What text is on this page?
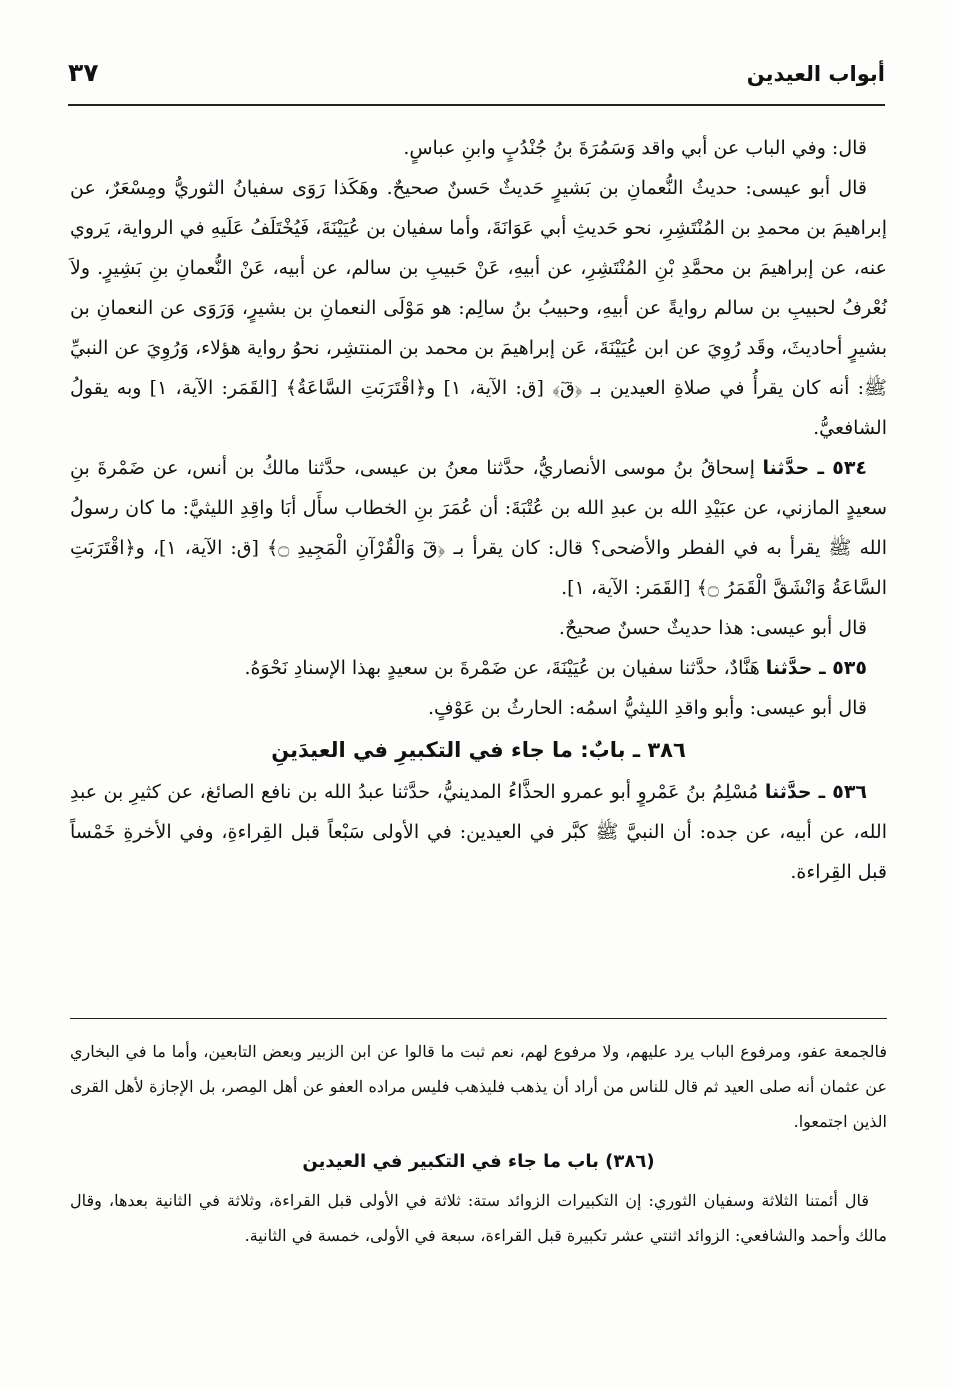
أبواب العيدين
٣٧

قال: وفي الباب عن أبي واقد وَسَمُرَةَ بنُ جُنْدُبٍ وابنِ عباسٍ.

قال أبو عيسى: حديثُ النُّعمانِ بن بَشيرٍ حَديثٌ حَسنٌ صحيحٌ. وهَكَذا رَوَى سفيانُ الثوريُّ ومِسْعَرٌ، عن إبراهيمَ بن محمدِ بن المُنْتَشِرِ، نحو حَديثِ أبي عَوَانَةَ، وأما سفيان بن عُيَيْنَةَ، فَيُخْتَلَفُ عَلَيهِ في الرواية، يَروي عنه، عن إبراهيمَ بن محمَّدِ بْنِ المُنْتَشِرِ، عن أبيهِ، عَنْ حَبيبِ بن سالم، عن أبيه، عَنْ النُّعمانِ بنِ بَشِيرٍ. ولاَ نُعْرفُ لحبيبِ بن سالم روايةً عن أبيهِ، وحبيبُ بنُ سالِم: هو مَوْلَى النعمانِ بن بشيرٍ، وَرَوَى عن النعمانِ بن بشيرٍ أحاديثَ، وقَد رُوِيَ عن ابن عُيَيْنَةَ، عَن إبراهيمَ بن محمد بن المنتشِر، نحوُ رواية هؤلاء، وَرُوِيَ عن النبيِّ ﷺ: أنه كان يقرأُ في صلاةِ العيدين بـ ﴿قٓ﴾ [ق: الآية، ١] و﴿اقْتَرَبَتِ السَّاعَةُ﴾ [القَمَر: الآية، ١] وبه يقولُ الشافعيُّ.

٥٣٤ ـ حدَّثنا إسحاقُ بنُ موسى الأنصاريُّ، حدَّثنا معنُ بن عيسى، حدَّثنا مالكُ بن أنس، عن ضَمْرةَ بنِ سعيدٍ المازني، عن عبَيْدِ الله بن عبدِ الله بن عُتْبَةَ: أن عُمَرَ بنِ الخطاب سأَل أبَا واقِدِ الليثيَّ: ما كان رسولُ الله ﷺ يقرأ به في الفطر والأضحى؟ قال: كان يقرأ بـ ﴿قٓ وَالْقُرْآنِ الْمَجِيدِ ۝﴾ [ق: الآية، ١]، و﴿اقْتَرَبَتِ السَّاعَةُ وَانْشَقَّ الْقَمَرُ ۝﴾ [القَمَر: الآية، ١].

قال أبو عيسى: هذا حديثٌ حسنٌ صحيحٌ.

٥٣٥ ـ حدَّثنا هَنَّادٌ، حدَّثنا سفيان بن عُيَيْنَةَ، عن ضَمْرةَ بن سعيدٍ بهذا الإسنادِ نَحْوَهُ.

قال أبو عيسى: وأبو واقدِ الليثيُّ اسمُه: الحارثُ بن عَوْفٍ.

٣٨٦ ـ بابٌ: ما جاء في التكبيرِ في العيدَينِ

٥٣٦ ـ حدَّثنا مُسْلِمُ بنُ عَمْروٍ أبو عمرو الحذَّاءُ المدينيُّ، حدَّثنا عبدُ الله بن نافع الصائغ، عن كثيرِ بن عبدِ الله، عن أبيه، عن جده: أن النبيَّ ﷺ كبَّر في العيدين: في الأولى سَبْعاً قبل القِراءةِ، وفي الأخرةِ خَمْساً قبل القِراءة.

فالجمعة عفو، ومرفوع الباب يرد عليهم، ولا مرفوع لهم، نعم ثبت ما قالوا عن ابن الزبير وبعض التابعين، وأما ما في البخاري عن عثمان أنه صلى العيد ثم قال للناس من أراد أن يذهب فليذهب فليس مراده العفو عن أهل المِصر، بل الإجازة لأهل القرى الذين اجتمعوا.

(٣٨٦) باب ما جاء في التكبير في العيدين

قال أئمتنا الثلاثة وسفيان الثوري: إن التكبيرات الزوائد ستة: ثلاثة في الأولى قبل القراءة، وثلاثة في الثانية بعدها، وقال مالك وأحمد والشافعي: الزوائد اثنتي عشر تكبيرة قبل القراءة، سبعة في الأولى، خمسة في الثانية.
